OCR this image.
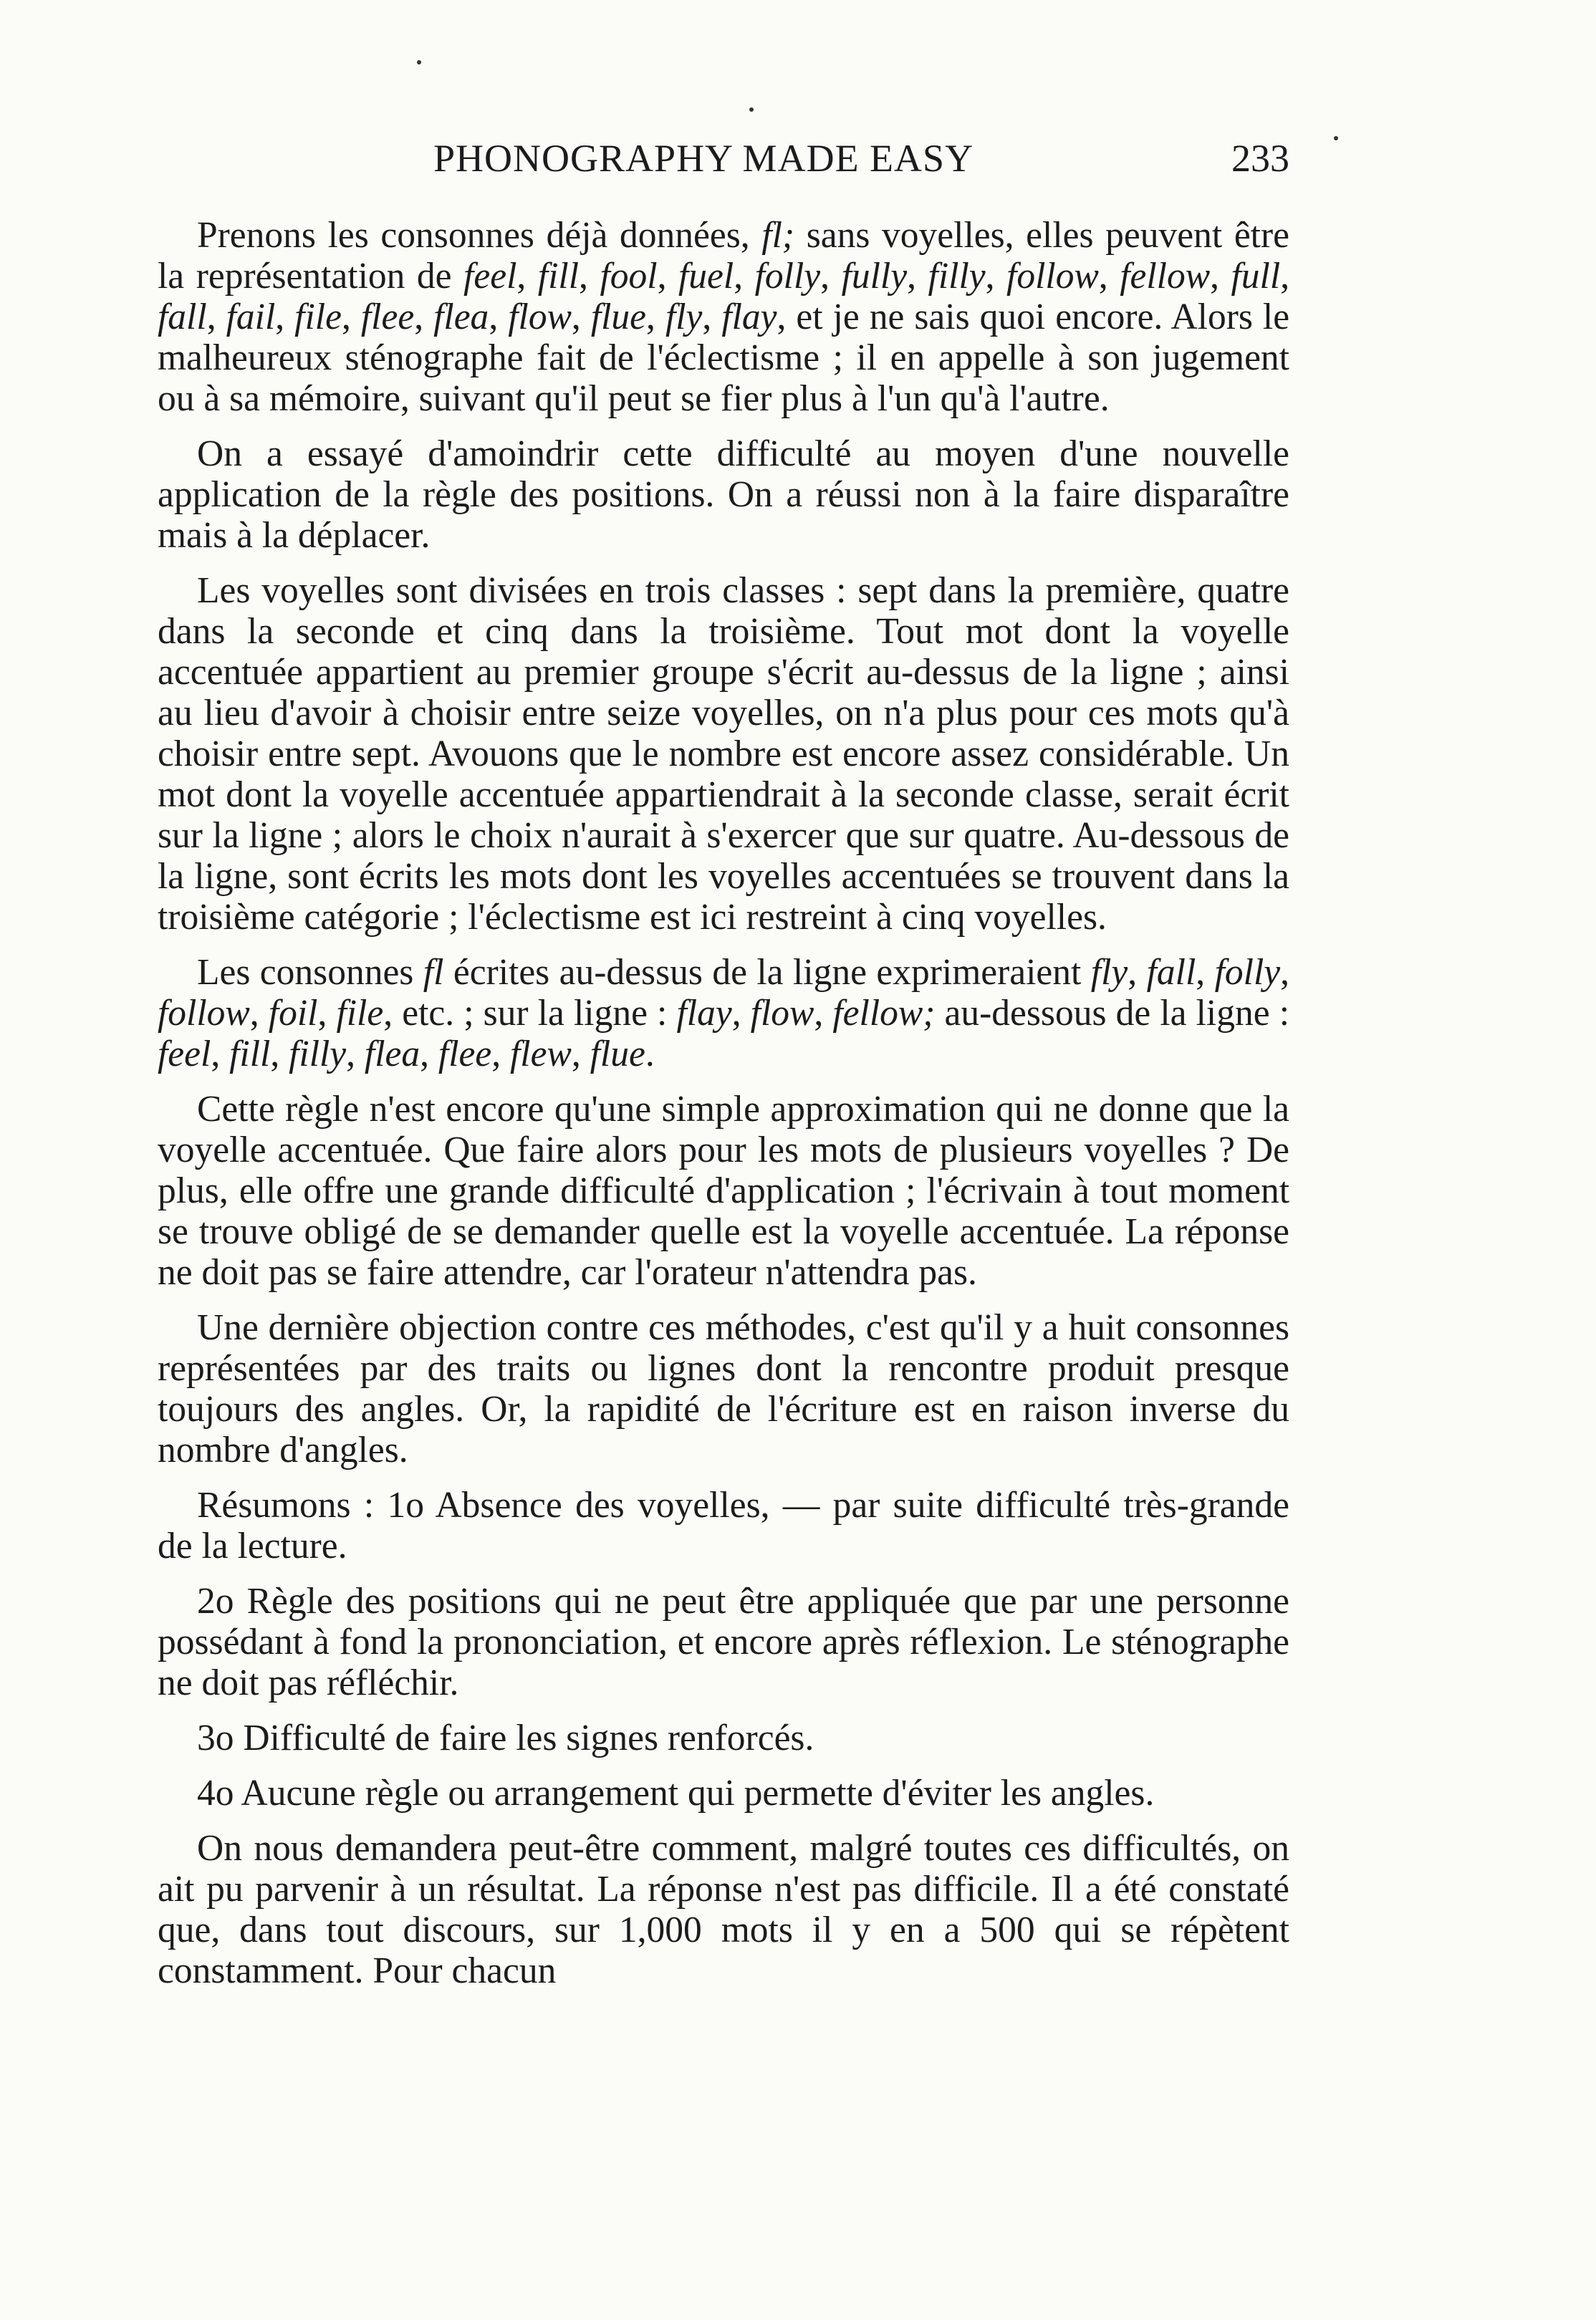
PHONOGRAPHY MADE EASY	233

Prenons les consonnes déjà données, fl; sans voyelles, elles peuvent être la représentation de feel, fill, fool, fuel, folly, fully, filly, follow, fellow, full, fall, fail, file, flee, flea, flow, flue, fly, flay, et je ne sais quoi encore. Alors le malheureux sténographe fait de l'éclectisme ; il en appelle à son jugement ou à sa mémoire, suivant qu'il peut se fier plus à l'un qu'à l'autre.

On a essayé d'amoindrir cette difficulté au moyen d'une nouvelle application de la règle des positions. On a réussi non à la faire disparaître mais à la déplacer.

Les voyelles sont divisées en trois classes : sept dans la première, quatre dans la seconde et cinq dans la troisième. Tout mot dont la voyelle accentuée appartient au premier groupe s'écrit au-dessus de la ligne ; ainsi au lieu d'avoir à choisir entre seize voyelles, on n'a plus pour ces mots qu'à choisir entre sept. Avouons que le nombre est encore assez considérable. Un mot dont la voyelle accentuée appartiendrait à la seconde classe, serait écrit sur la ligne ; alors le choix n'aurait à s'exercer que sur quatre. Au-dessous de la ligne, sont écrits les mots dont les voyelles accentuées se trouvent dans la troisième catégorie ; l'éclectisme est ici restreint à cinq voyelles.

Les consonnes fl écrites au-dessus de la ligne exprimeraient fly, fall, folly, follow, foil, file, etc. ; sur la ligne : flay, flow, fellow; au-dessous de la ligne : feel, fill, filly, flea, flee, flew, flue.

Cette règle n'est encore qu'une simple approximation qui ne donne que la voyelle accentuée. Que faire alors pour les mots de plusieurs voyelles ? De plus, elle offre une grande difficulté d'application ; l'écrivain à tout moment se trouve obligé de se demander quelle est la voyelle accentuée. La réponse ne doit pas se faire attendre, car l'orateur n'attendra pas.

Une dernière objection contre ces méthodes, c'est qu'il y a huit consonnes représentées par des traits ou lignes dont la rencontre produit presque toujours des angles. Or, la rapidité de l'écriture est en raison inverse du nombre d'angles.

Résumons : 1o Absence des voyelles, — par suite difficulté très-grande de la lecture.

2o Règle des positions qui ne peut être appliquée que par une personne possédant à fond la prononciation, et encore après réflexion. Le sténographe ne doit pas réfléchir.

3o Difficulté de faire les signes renforcés.

4o Aucune règle ou arrangement qui permette d'éviter les angles.

On nous demandera peut-être comment, malgré toutes ces difficultés, on ait pu parvenir à un résultat. La réponse n'est pas difficile. Il a été constaté que, dans tout discours, sur 1,000 mots il y en a 500 qui se répètent constamment. Pour chacun
